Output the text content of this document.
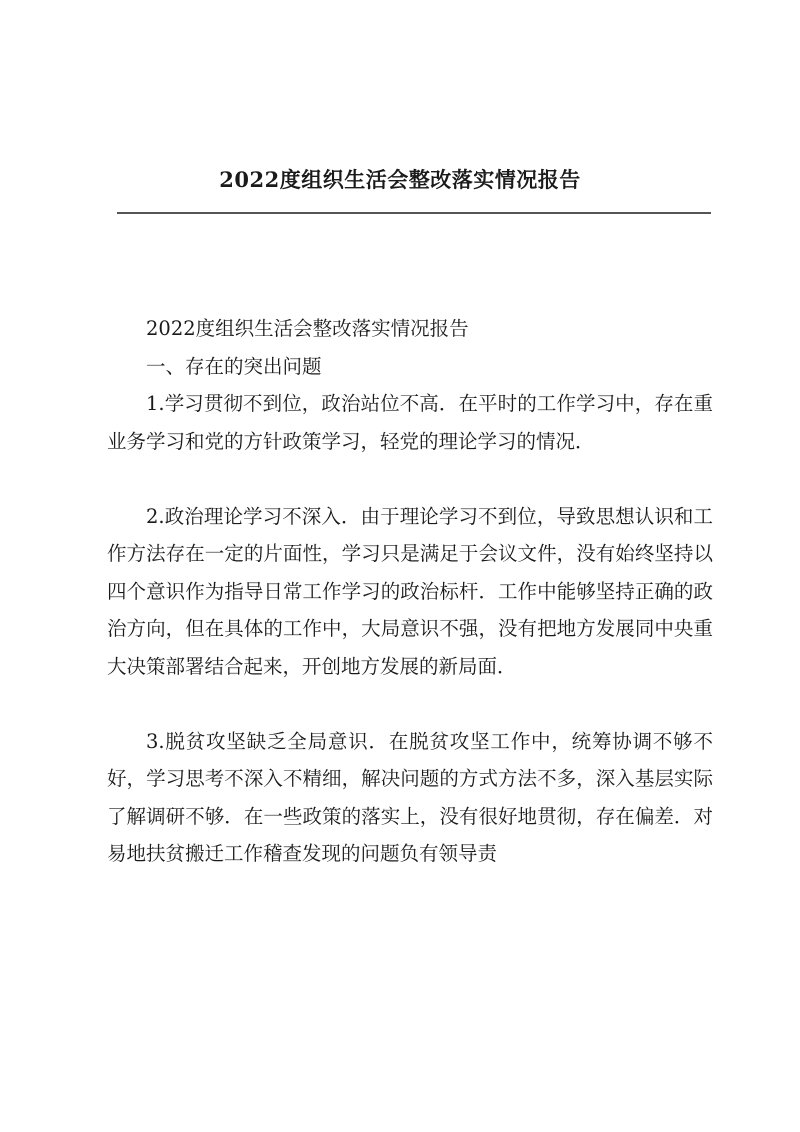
2022度组织生活会整改落实情况报告

2022度组织生活会整改落实情况报告

一、存在的突出问题

1.学习贯彻不到位，政治站位不高．在平时的工作学习中，存在重业务学习和党的方针政策学习，轻党的理论学习的情况．

2.政治理论学习不深入．由于理论学习不到位，导致思想认识和工作方法存在一定的片面性，学习只是满足于会议文件，没有始终坚持以四个意识作为指导日常工作学习的政治标杆．工作中能够坚持正确的政治方向，但在具体的工作中，大局意识不强，没有把地方发展同中央重大决策部署结合起来，开创地方发展的新局面．

3.脱贫攻坚缺乏全局意识．在脱贫攻坚工作中，统筹协调不够不好，学习思考不深入不精细，解决问题的方式方法不多，深入基层实际了解调研不够．在一些政策的落实上，没有很好地贯彻，存在偏差．对易地扶贫搬迁工作稽查发现的问题负有领导责
